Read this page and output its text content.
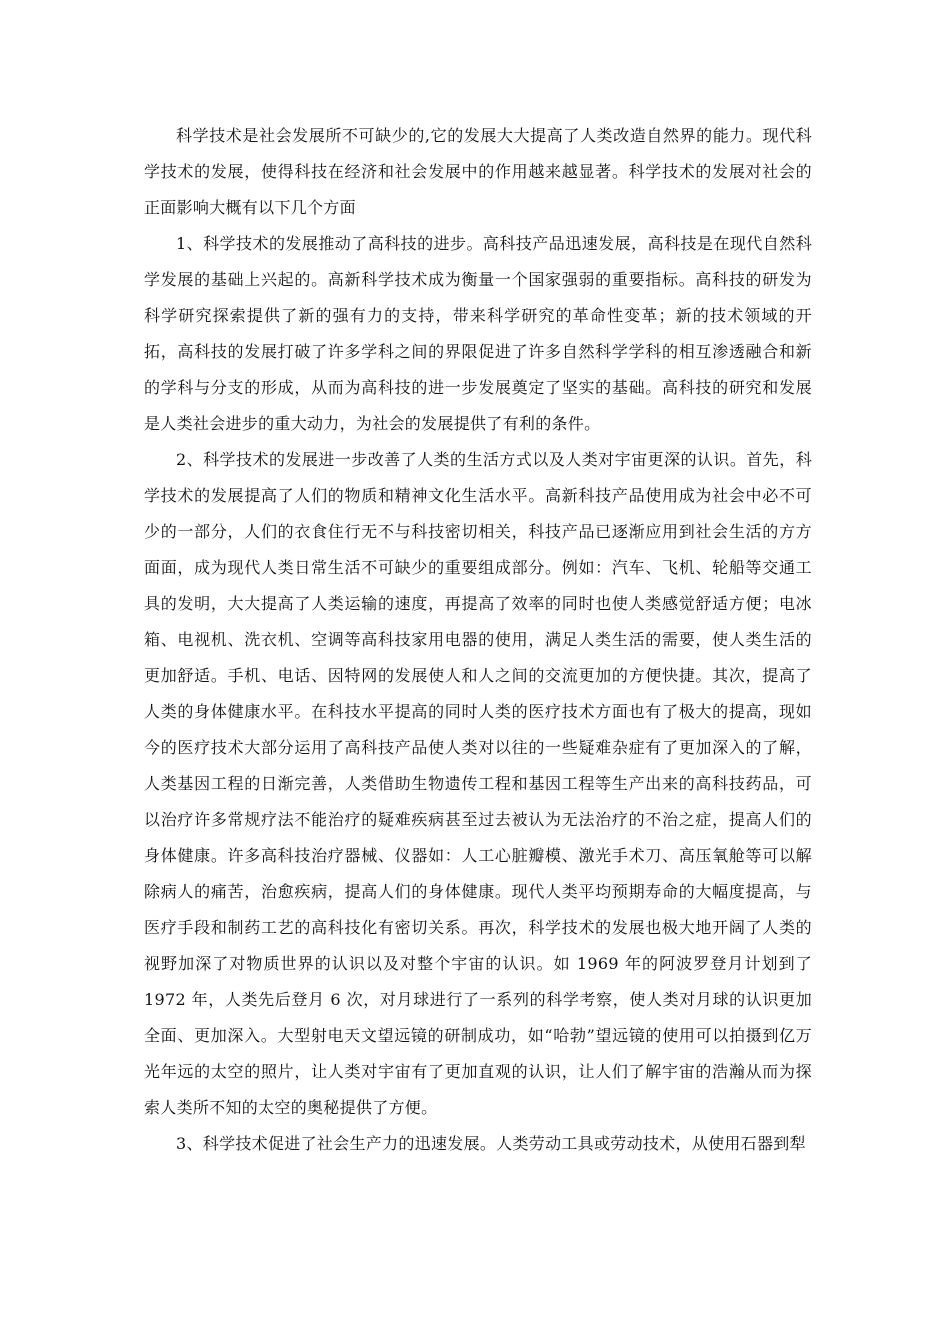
科学技术是社会发展所不可缺少的,它的发展大大提高了人类改造自然界的能力。现代科学技术的发展，使得科技在经济和社会发展中的作用越来越显著。科学技术的发展对社会的正面影响大概有以下几个方面

1、科学技术的发展推动了高科技的进步。高科技产品迅速发展，高科技是在现代自然科学发展的基础上兴起的。高新科学技术成为衡量一个国家强弱的重要指标。高科技的研发为科学研究探索提供了新的强有力的支持，带来科学研究的革命性变革；新的技术领域的开拓，高科技的发展打破了许多学科之间的界限促进了许多自然科学学科的相互渗透融合和新的学科与分支的形成，从而为高科技的进一步发展奠定了坚实的基础。高科技的研究和发展是人类社会进步的重大动力，为社会的发展提供了有利的条件。

2、科学技术的发展进一步改善了人类的生活方式以及人类对宇宙更深的认识。首先，科学技术的发展提高了人们的物质和精神文化生活水平。高新科技产品使用成为社会中必不可少的一部分，人们的衣食住行无不与科技密切相关，科技产品已逐渐应用到社会生活的方方面面，成为现代人类日常生活不可缺少的重要组成部分。例如：汽车、飞机、轮船等交通工具的发明，大大提高了人类运输的速度，再提高了效率的同时也使人类感觉舒适方便；电冰箱、电视机、洗衣机、空调等高科技家用电器的使用，满足人类生活的需要，使人类生活的更加舒适。手机、电话、因特网的发展使人和人之间的交流更加的方便快捷。其次，提高了人类的身体健康水平。在科技水平提高的同时人类的医疗技术方面也有了极大的提高，现如今的医疗技术大部分运用了高科技产品使人类对以往的一些疑难杂症有了更加深入的了解，人类基因工程的日渐完善，人类借助生物遗传工程和基因工程等生产出来的高科技药品，可以治疗许多常规疗法不能治疗的疑难疾病甚至过去被认为无法治疗的不治之症，提高人们的身体健康。许多高科技治疗器械、仪器如：人工心脏瓣模、激光手术刀、高压氧舱等可以解除病人的痛苦，治愈疾病，提高人们的身体健康。现代人类平均预期寿命的大幅度提高，与医疗手段和制药工艺的高科技化有密切关系。再次，科学技术的发展也极大地开阔了人类的视野加深了对物质世界的认识以及对整个宇宙的认识。如 1969 年的阿波罗登月计划到了 1972 年，人类先后登月 6 次，对月球进行了一系列的科学考察，使人类对月球的认识更加全面、更加深入。大型射电天文望远镜的研制成功，如“哈勃”望远镜的使用可以拍摄到亿万光年远的太空的照片，让人类对宇宙有了更加直观的认识，让人们了解宇宙的浩瀚从而为探索人类所不知的太空的奥秘提供了方便。

3、科学技术促进了社会生产力的迅速发展。人类劳动工具或劳动技术，从使用石器到犁
